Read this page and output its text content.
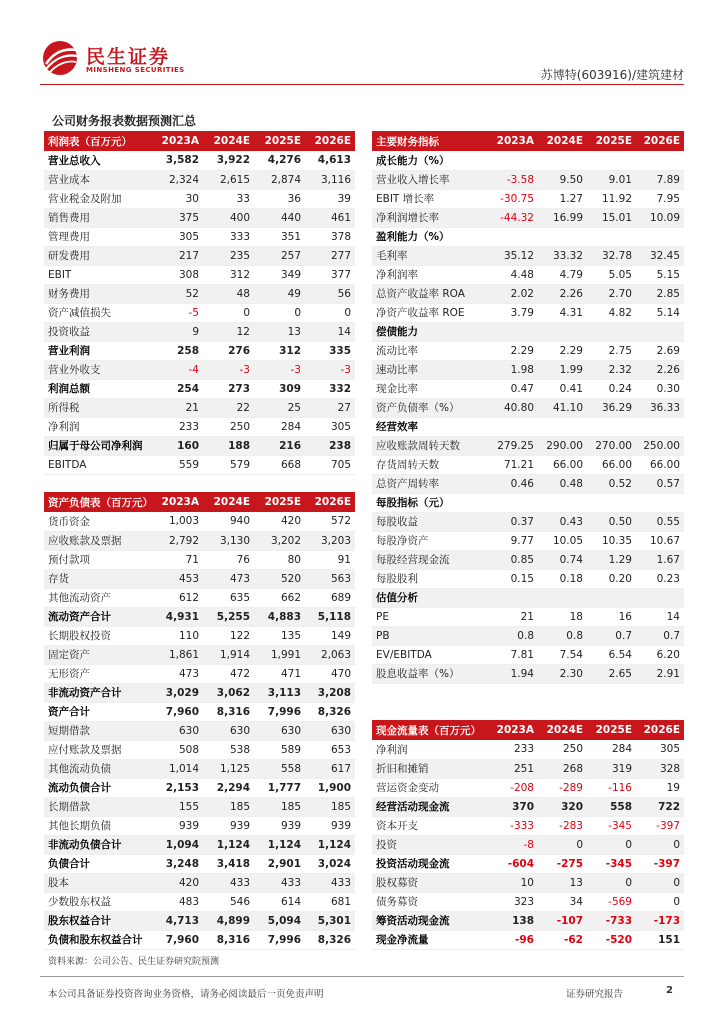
民生证券
MINSHENG SECURITIES	苏博特(603916)/建筑建材
公司财务报表数据预测汇总
利润表（百万元）	2023A	2024E	2025E	2026E
营业总收入	3,582	3,922	4,276	4,613
营业成本	2,324	2,615	2,874	3,116
营业税金及附加	30	33	36	39
销售费用	375	400	440	461
管理费用	305	333	351	378
研发费用	217	235	257	277
EBIT	308	312	349	377
财务费用	52	48	49	56
资产减值损失	-5	0	0	0
投资收益	9	12	13	14
营业利润	258	276	312	335
营业外收支	-4	-3	-3	-3
利润总额	254	273	309	332
所得税	21	22	25	27
净利润	233	250	284	305
归属于母公司净利润	160	188	216	238
EBITDA	559	579	668	705
资产负债表（百万元）	2023A	2024E	2025E	2026E
货币资金	1,003	940	420	572
应收账款及票据	2,792	3,130	3,202	3,203
预付款项	71	76	80	91
存货	453	473	520	563
其他流动资产	612	635	662	689
流动资产合计	4,931	5,255	4,883	5,118
长期股权投资	110	122	135	149
固定资产	1,861	1,914	1,991	2,063
无形资产	473	472	471	470
非流动资产合计	3,029	3,062	3,113	3,208
资产合计	7,960	8,316	7,996	8,326
短期借款	630	630	630	630
应付账款及票据	508	538	589	653
其他流动负债	1,014	1,125	558	617
流动负债合计	2,153	2,294	1,777	1,900
长期借款	155	185	185	185
其他长期负债	939	939	939	939
非流动负债合计	1,094	1,124	1,124	1,124
负债合计	3,248	3,418	2,901	3,024
股本	420	433	433	433
少数股东权益	483	546	614	681
股东权益合计	4,713	4,899	5,094	5,301
负债和股东权益合计	7,960	8,316	7,996	8,326
主要财务指标	2023A	2024E	2025E	2026E
成长能力（%）				
营业收入增长率	-3.58	9.50	9.01	7.89
EBIT 增长率	-30.75	1.27	11.92	7.95
净利润增长率	-44.32	16.99	15.01	10.09
盈利能力（%）				
毛利率	35.12	33.32	32.78	32.45
净利润率	4.48	4.79	5.05	5.15
总资产收益率 ROA	2.02	2.26	2.70	2.85
净资产收益率 ROE	3.79	4.31	4.82	5.14
偿债能力				
流动比率	2.29	2.29	2.75	2.69
速动比率	1.98	1.99	2.32	2.26
现金比率	0.47	0.41	0.24	0.30
资产负债率（%）	40.80	41.10	36.29	36.33
经营效率				
应收账款周转天数	279.25	290.00	270.00	250.00
存货周转天数	71.21	66.00	66.00	66.00
总资产周转率	0.46	0.48	0.52	0.57
每股指标（元）				
每股收益	0.37	0.43	0.50	0.55
每股净资产	9.77	10.05	10.35	10.67
每股经营现金流	0.85	0.74	1.29	1.67
每股股利	0.15	0.18	0.20	0.23
估值分析				
PE	21	18	16	14
PB	0.8	0.8	0.7	0.7
EV/EBITDA	7.81	7.54	6.54	6.20
股息收益率（%）	1.94	2.30	2.65	2.91
现金流量表（百万元）	2023A	2024E	2025E	2026E
净利润	233	250	284	305
折旧和摊销	251	268	319	328
营运资金变动	-208	-289	-116	19
经营活动现金流	370	320	558	722
资本开支	-333	-283	-345	-397
投资	-8	0	0	0
投资活动现金流	-604	-275	-345	-397
股权募资	10	13	0	0
债务募资	323	34	-569	0
筹资活动现金流	138	-107	-733	-173
现金净流量	-96	-62	-520	151
资料来源：公司公告、民生证券研究院预测
本公司具备证券投资咨询业务资格，请务必阅读最后一页免责声明	证券研究报告	2
